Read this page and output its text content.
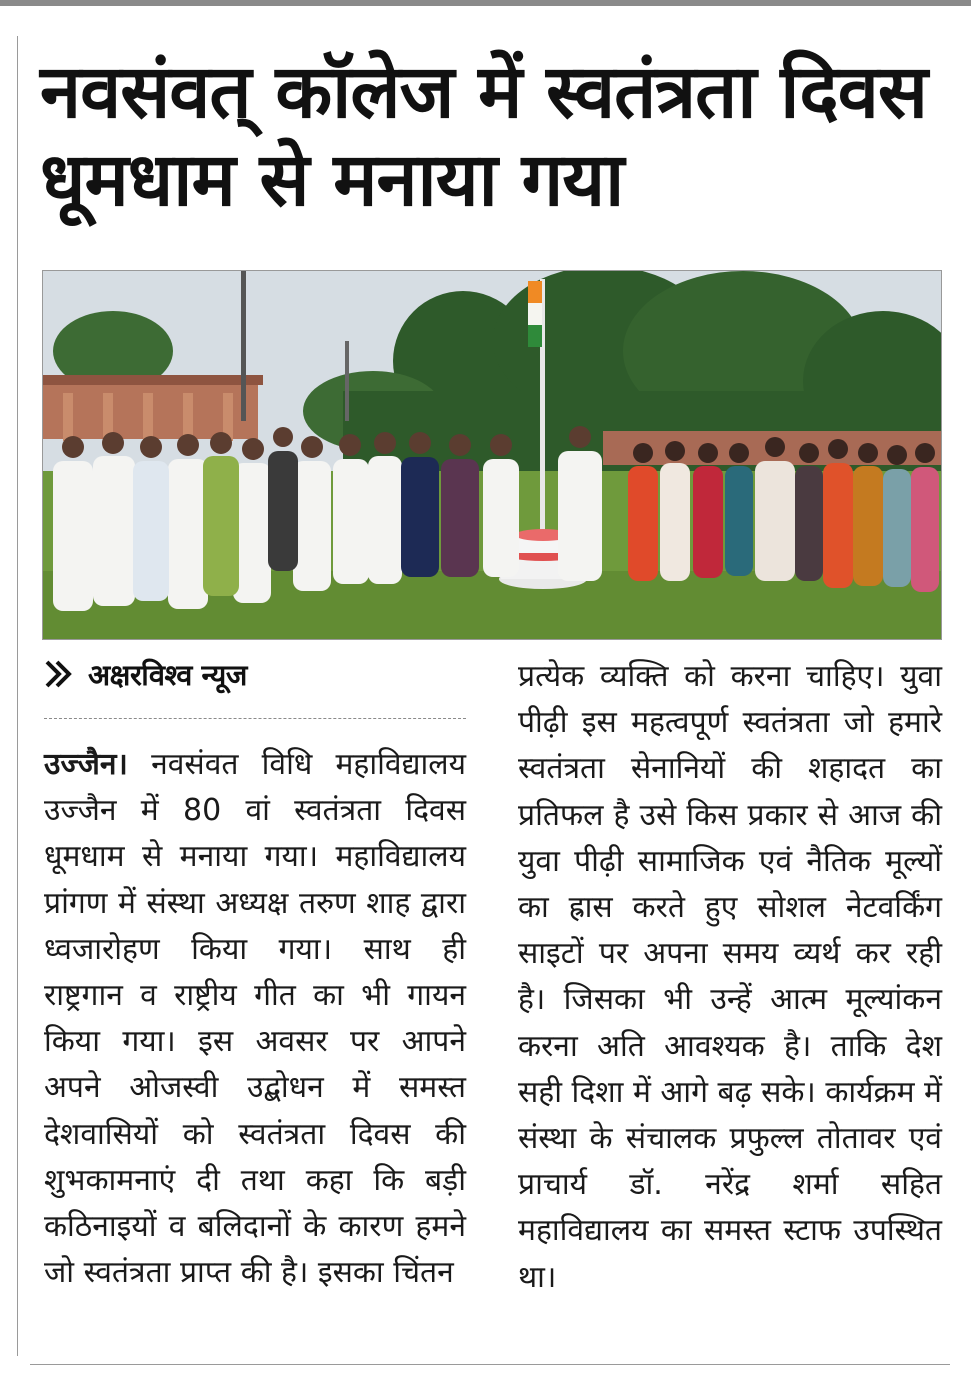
नवसंवत् कॉलेज में स्वतंत्रता दिवस धूमधाम से मनाया गया
अक्षरविश्व न्यूज

उज्जैन। नवसंवत विधि महाविद्यालय उज्जैन में 80 वां स्वतंत्रता दिवस धूमधाम से मनाया गया। महाविद्यालय प्रांगण में संस्था अध्यक्ष तरुण शाह द्वारा ध्वजारोहण किया गया। साथ ही राष्ट्रगान व राष्ट्रीय गीत का भी गायन किया गया। इस अवसर पर आपने अपने ओजस्वी उद्बोधन में समस्त देशवासियों को स्वतंत्रता दिवस की शुभकामनाएं दी तथा कहा कि बड़ी कठिनाइयों व बलिदानों के कारण हमने जो स्वतंत्रता प्राप्त की है। इसका चिंतन

प्रत्येक व्यक्ति को करना चाहिए। युवा पीढ़ी इस महत्वपूर्ण स्वतंत्रता जो हमारे स्वतंत्रता सेनानियों की शहादत का प्रतिफल है उसे किस प्रकार से आज की युवा पीढ़ी सामाजिक एवं नैतिक मूल्यों का ह्रास करते हुए सोशल नेटवर्किंग साइटों पर अपना समय व्यर्थ कर रही है। जिसका भी उन्हें आत्म मूल्यांकन करना अति आवश्यक है। ताकि देश सही दिशा में आगे बढ़ सके। कार्यक्रम में संस्था के संचालक प्रफुल्ल तोतावर एवं प्राचार्य डॉ. नरेंद्र शर्मा सहित महाविद्यालय का समस्त स्टाफ उपस्थित था।
